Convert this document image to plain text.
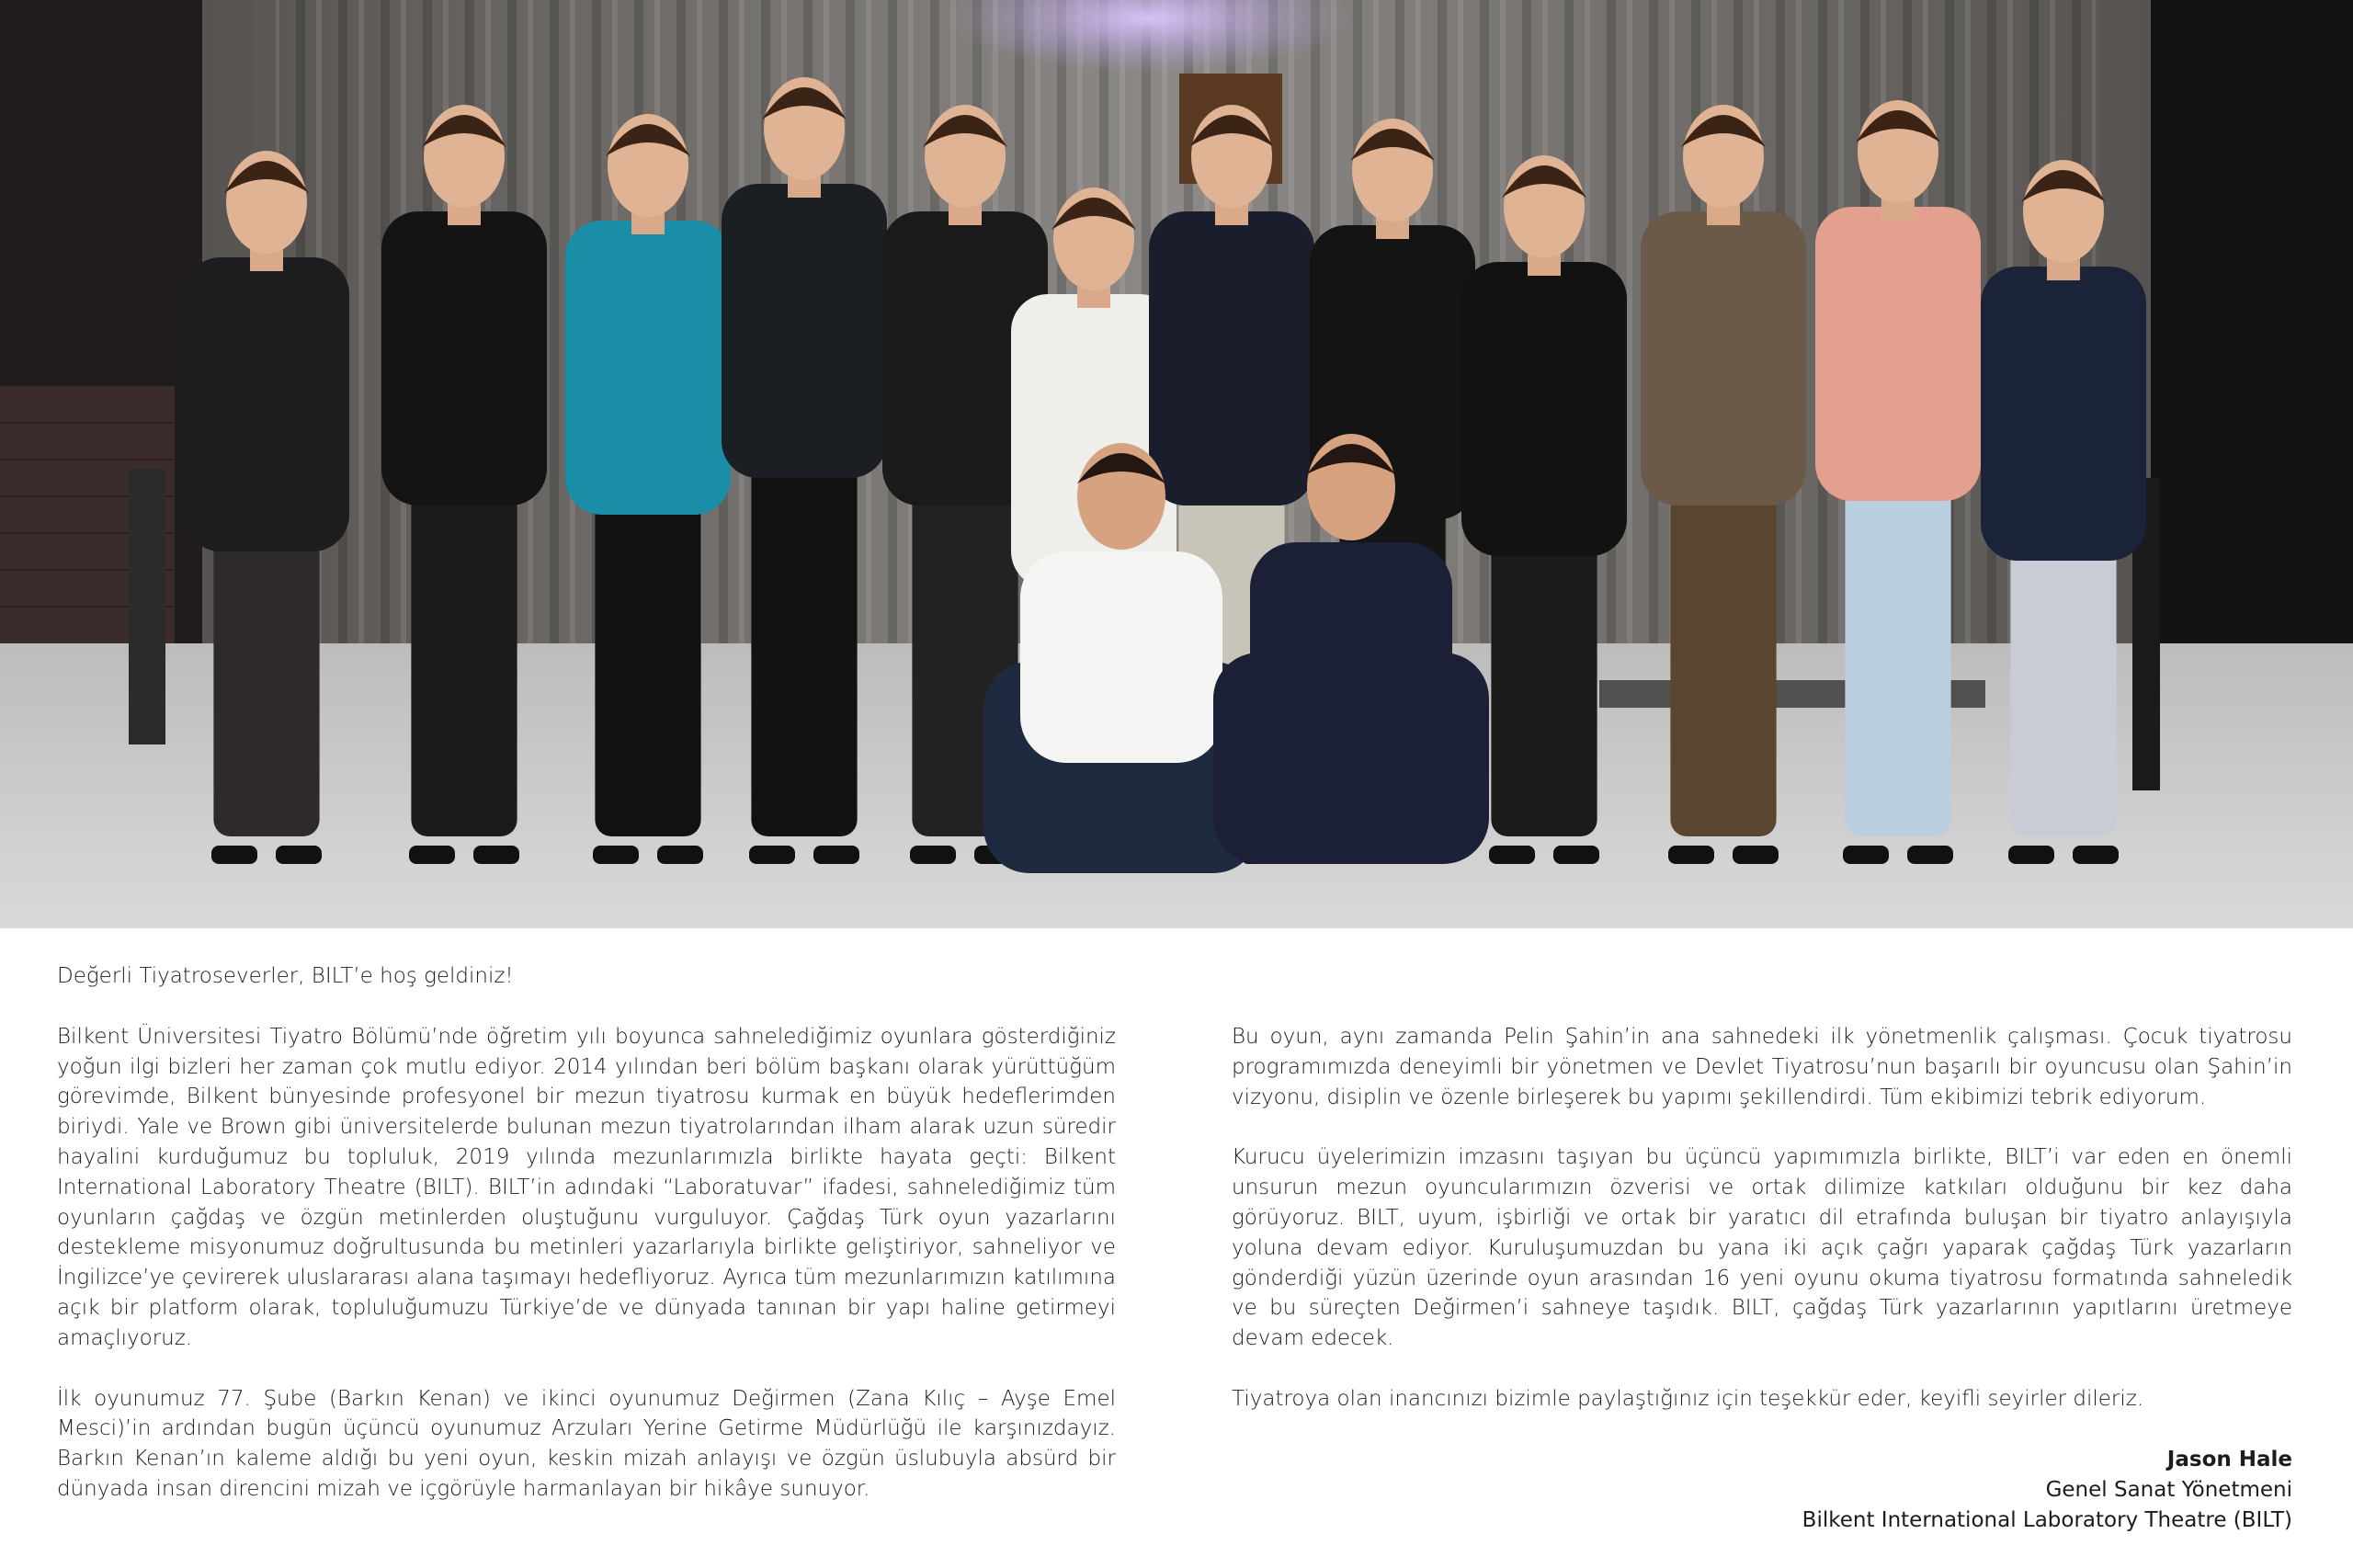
Değerli Tiyatroseverler, BILT’e hoş geldiniz!

Bilkent Üniversitesi Tiyatro Bölümü’nde öğretim yılı boyunca sahnelediğimiz oyunlara gösterdiğiniz yoğun ilgi bizleri her zaman çok mutlu ediyor. 2014 yılından beri bölüm başkanı olarak yürüttüğüm görevimde, Bilkent bünyesinde profesyonel bir mezun tiyatrosu kurmak en büyük hedeflerimden biriydi. Yale ve Brown gibi üniversitelerde bulunan mezun tiyatrolarından ilham alarak uzun süredir hayalini kurduğumuz bu topluluk, 2019 yılında mezunlarımızla birlikte hayata geçti: Bilkent International Laboratory Theatre (BILT). BILT’in adındaki “Laboratuvar” ifadesi, sahnelediğimiz tüm oyunların çağdaş ve özgün metinlerden oluştuğunu vurguluyor. Çağdaş Türk oyun yazarlarını destekleme misyonumuz doğrultusunda bu metinleri yazarlarıyla birlikte geliştiriyor, sahneliyor ve İngilizce’ye çevirerek uluslararası alana taşımayı hedefliyoruz. Ayrıca tüm mezunlarımızın katılımına açık bir platform olarak, topluluğumuzu Türkiye’de ve dünyada tanınan bir yapı haline getirmeyi amaçlıyoruz.

İlk oyunumuz 77. Şube (Barkın Kenan) ve ikinci oyunumuz Değirmen (Zana Kılıç – Ayşe Emel Mesci)’in ardından bugün üçüncü oyunumuz Arzuları Yerine Getirme Müdürlüğü ile karşınızdayız. Barkın Kenan’ın kaleme aldığı bu yeni oyun, keskin mizah anlayışı ve özgün üslubuyla absürd bir dünyada insan direncini mizah ve içgörüyle harmanlayan bir hikâye sunuyor.

Bu oyun, aynı zamanda Pelin Şahin’in ana sahnedeki ilk yönetmenlik çalışması. Çocuk tiyatrosu programımızda deneyimli bir yönetmen ve Devlet Tiyatrosu’nun başarılı bir oyuncusu olan Şahin’in vizyonu, disiplin ve özenle birleşerek bu yapımı şekillendirdi. Tüm ekibimizi tebrik ediyorum.

Kurucu üyelerimizin imzasını taşıyan bu üçüncü yapımımızla birlikte, BILT’i var eden en önemli unsurun mezun oyuncularımızın özverisi ve ortak dilimize katkıları olduğunu bir kez daha görüyoruz. BILT, uyum, işbirliği ve ortak bir yaratıcı dil etrafında buluşan bir tiyatro anlayışıyla yoluna devam ediyor. Kuruluşumuzdan bu yana iki açık çağrı yaparak çağdaş Türk yazarların gönderdiği yüzün üzerinde oyun arasından 16 yeni oyunu okuma tiyatrosu formatında sahneledik ve bu süreçten Değirmen’i sahneye taşıdık. BILT, çağdaş Türk yazarlarının yapıtlarını üretmeye devam edecek.

Tiyatroya olan inancınızı bizimle paylaştığınız için teşekkür eder, keyifli seyirler dileriz.

Jason Hale
Genel Sanat Yönetmeni
Bilkent International Laboratory Theatre (BILT)
